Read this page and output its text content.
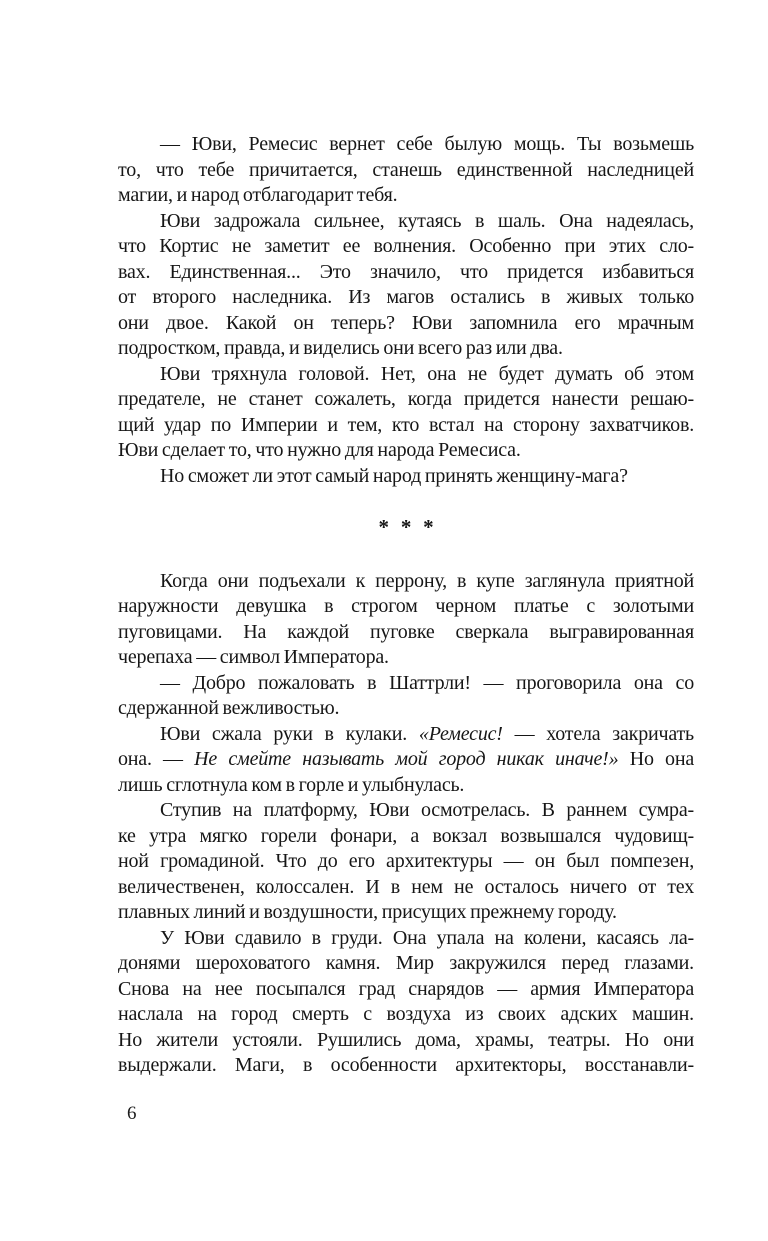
— Юви, Ремесис вернет себе былую мощь. Ты возьмешь
то, что тебе причитается, станешь единственной наследницей
магии, и народ отблагодарит тебя.
Юви задрожала сильнее, кутаясь в шаль. Она надеялась,
что Кортис не заметит ее волнения. Особенно при этих сло-
вах. Единственная... Это значило, что придется избавиться
от второго наследника. Из магов остались в живых только
они двое. Какой он теперь? Юви запомнила его мрачным
подростком, правда, и виделись они всего раз или два.
Юви тряхнула головой. Нет, она не будет думать об этом
предателе, не станет сожалеть, когда придется нанести решаю-
щий удар по Империи и тем, кто встал на сторону захватчиков.
Юви сделает то, что нужно для народа Ремесиса.
Но сможет ли этот самый народ принять женщину-мага?
* * *
Когда они подъехали к перрону, в купе заглянула приятной
наружности девушка в строгом черном платье с золотыми
пуговицами. На каждой пуговке сверкала выгравированная
черепаха — символ Императора.
— Добро пожаловать в Шаттрли! — проговорила она со
сдержанной вежливостью.
Юви сжала руки в кулаки. «Ремесис! — хотела закричать
она. — Не смейте называть мой город никак иначе!» Но она
лишь сглотнула ком в горле и улыбнулась.
Ступив на платформу, Юви осмотрелась. В раннем сумра-
ке утра мягко горели фонари, а вокзал возвышался чудовищ-
ной громадиной. Что до его архитектуры — он был помпезен,
величественен, колоссален. И в нем не осталось ничего от тех
плавных линий и воздушности, присущих прежнему городу.
У Юви сдавило в груди. Она упала на колени, касаясь ла-
донями шероховатого камня. Мир закружился перед глазами.
Снова на нее посыпался град снарядов — армия Императора
наслала на город смерть с воздуха из своих адских машин.
Но жители устояли. Рушились дома, храмы, театры. Но они
выдержали. Маги, в особенности архитекторы, восстанавли-
6
